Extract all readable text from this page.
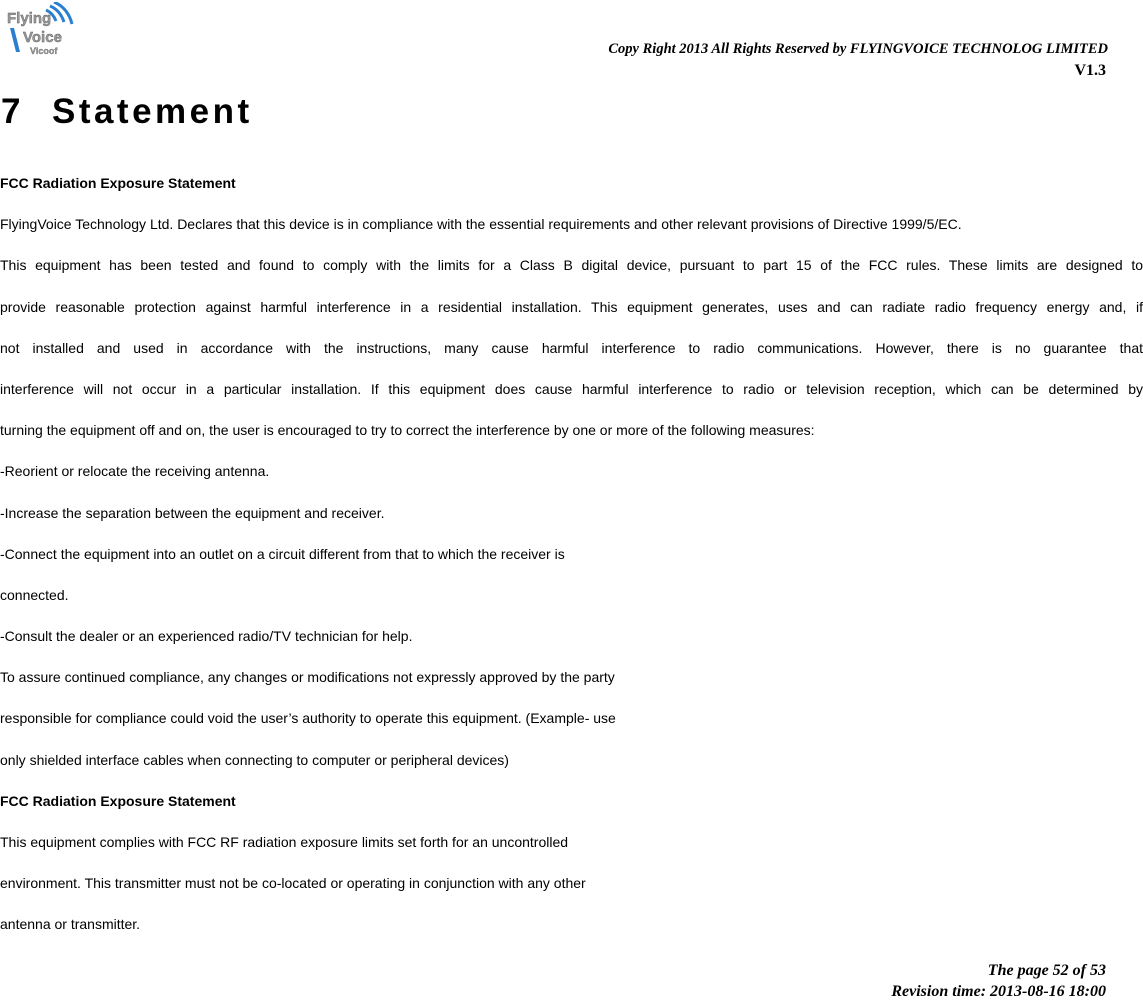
Flying
Voice
Vicoof	Copy Right 2013 All Rights Reserved by FLYINGVOICE TECHNOLOG LIMITED
V1.3
7 Statement
FCC Radiation Exposure Statement
FlyingVoice Technology Ltd. Declares that this device is in compliance with the essential requirements and other relevant provisions of Directive 1999/5/EC.
This equipment has been tested and found to comply with the limits for a Class B digital device, pursuant to part 15 of the FCC rules. These limits are designed to
provide reasonable protection against harmful interference in a residential installation. This equipment generates, uses and can radiate radio frequency energy and, if
not installed and used in accordance with the instructions, many cause harmful interference to radio communications. However, there is no guarantee that
interference will not occur in a particular installation. If this equipment does cause harmful interference to radio or television reception, which can be determined by
turning the equipment off and on, the user is encouraged to try to correct the interference by one or more of the following measures:
-Reorient or relocate the receiving antenna.
-Increase the separation between the equipment and receiver.
-Connect the equipment into an outlet on a circuit different from that to which the receiver is
connected.
-Consult the dealer or an experienced radio/TV technician for help.
To assure continued compliance, any changes or modifications not expressly approved by the party
responsible for compliance could void the user’s authority to operate this equipment. (Example- use
only shielded interface cables when connecting to computer or peripheral devices)
FCC Radiation Exposure Statement
This equipment complies with FCC RF radiation exposure limits set forth for an uncontrolled
environment. This transmitter must not be co-located or operating in conjunction with any other
antenna or transmitter.
The page 52 of 53
Revision time: 2013-08-16 18:00
